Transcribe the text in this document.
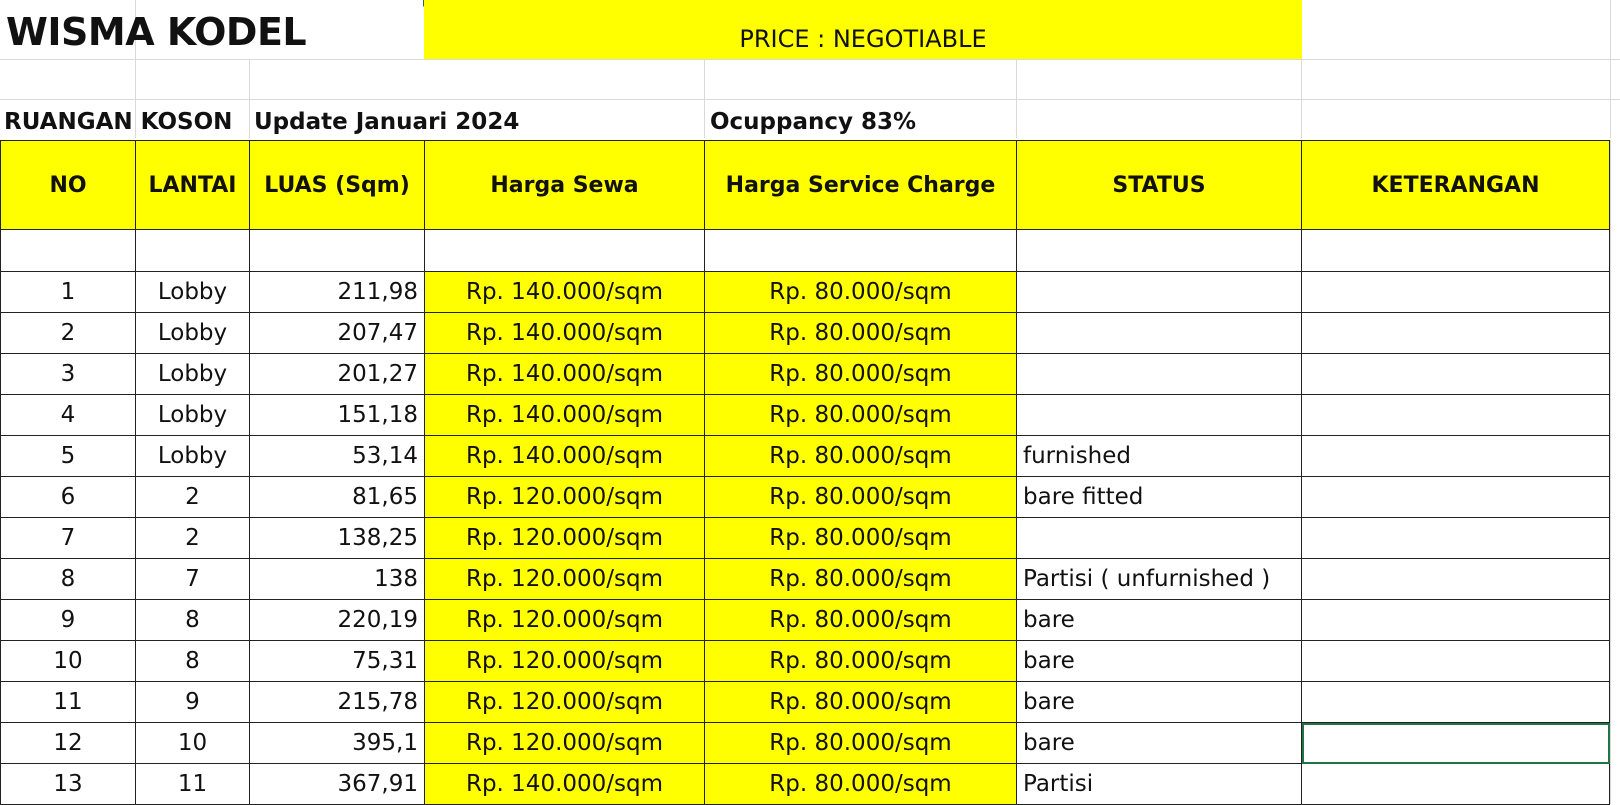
WISMA KODEL	PRICE : NEGOTIABLE
RUANGAN KOSON Update Januari 2024	Ocuppancy 83%
NO	LANTAI	LUAS (Sqm)	Harga Sewa	Harga Service Charge	STATUS	KETERANGAN
1	Lobby	211,98	Rp. 140.000/sqm	Rp. 80.000/sqm
2	Lobby	207,47	Rp. 140.000/sqm	Rp. 80.000/sqm
3	Lobby	201,27	Rp. 140.000/sqm	Rp. 80.000/sqm
4	Lobby	151,18	Rp. 140.000/sqm	Rp. 80.000/sqm
5	Lobby	53,14	Rp. 140.000/sqm	Rp. 80.000/sqm	furnished
6	2	81,65	Rp. 120.000/sqm	Rp. 80.000/sqm	bare fitted
7	2	138,25	Rp. 120.000/sqm	Rp. 80.000/sqm
8	7	138	Rp. 120.000/sqm	Rp. 80.000/sqm	Partisi ( unfurnished )
9	8	220,19	Rp. 120.000/sqm	Rp. 80.000/sqm	bare
10	8	75,31	Rp. 120.000/sqm	Rp. 80.000/sqm	bare
11	9	215,78	Rp. 120.000/sqm	Rp. 80.000/sqm	bare
12	10	395,1	Rp. 120.000/sqm	Rp. 80.000/sqm	bare
13	11	367,91	Rp. 140.000/sqm	Rp. 80.000/sqm	Partisi
